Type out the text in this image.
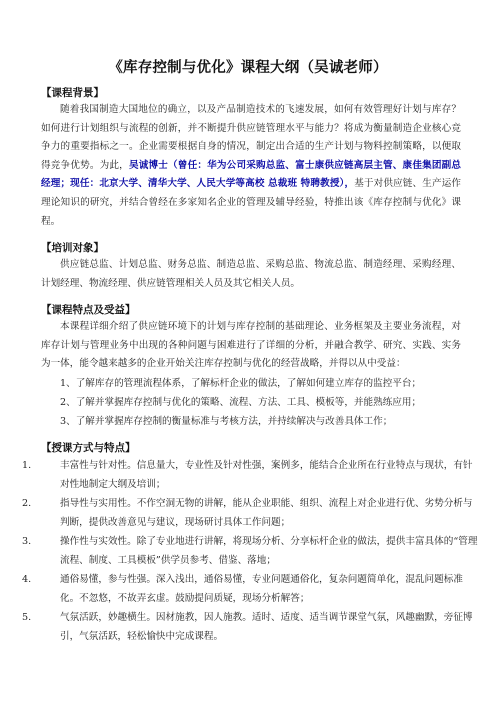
《库存控制与优化》课程大纲（吴诚老师）
【课程背景】
随着我国制造大国地位的确立，以及产品制造技术的飞速发展，如何有效管理好计划与库存？如何进行计划组织与流程的创新，并不断提升供应链管理水平与能力？将成为衡量制造企业核心竞争力的重要指标之一。企业需要根据自身的情况，制定出合适的生产计划与物料控制策略，以便取得竞争优势。为此，吴诚博士（曾任：华为公司采购总监、富士康供应链高层主管、康佳集团副总经理；现任：北京大学、清华大学、人民大学等高校 总裁班 特聘教授），基于对供应链、生产运作理论知识的研究，并结合曾经在多家知名企业的管理及辅导经验，特推出该《库存控制与优化》课程。
【培训对象】
供应链总监、计划总监、财务总监、制造总监、采购总监、物流总监、制造经理、采购经理、计划经理、物流经理、供应链管理相关人员及其它相关人员。
【课程特点及受益】
本课程详细介绍了供应链环境下的计划与库存控制的基础理论、业务框架及主要业务流程，对库存计划与管理业务中出现的各种问题与困难进行了详细的分析，并融合教学、研究、实践、实务为一体，能令越来越多的企业开始关注库存控制与优化的经营战略，并得以从中受益：
1、了解库存的管理流程体系，了解标杆企业的做法，了解如何建立库存的监控平台；
2、了解并掌握库存控制与优化的策略、流程、方法、工具、模板等，并能熟练应用；
3、了解并掌握库存控制的衡量标准与考核方法，并持续解决与改善具体工作；
【授课方式与特点】
1.	丰富性与针对性。信息量大，专业性及针对性强，案例多，能结合企业所在行业特点与现状，有针对性地制定大纲及培训；
2.	指导性与实用性。不作空洞无物的讲解，能从企业职能、组织、流程上对企业进行优、劣势分析与判断，提供改善意见与建议，现场研讨具体工作问题；
3.	操作性与实效性。除了专业地进行讲解，将现场分析、分享标杆企业的做法，提供丰富具体的“管理流程、制度、工具模板”供学员参考、借鉴、落地；
4.	通俗易懂，参与性强。深入浅出，通俗易懂，专业问题通俗化，复杂问题简单化，混乱问题标准化。不忽悠，不故弄玄虚。鼓励提问质疑，现场分析解答；
5.	气氛活跃，妙趣横生。因材施教，因人施教。适时、适度、适当调节课堂气氛，风趣幽默，旁征博引，气氛活跃，轻松愉快中完成课程。
